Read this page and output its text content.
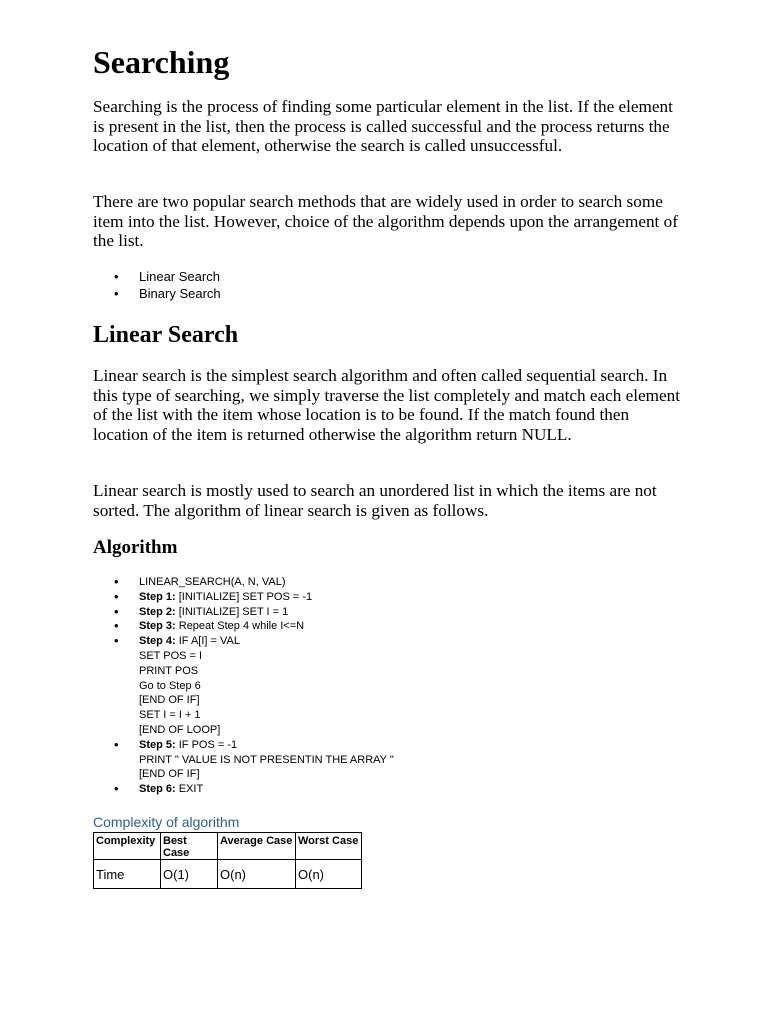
Searching

Searching is the process of finding some particular element in the list. If the element is present in the list, then the process is called successful and the process returns the location of that element, otherwise the search is called unsuccessful.

There are two popular search methods that are widely used in order to search some item into the list. However, choice of the algorithm depends upon the arrangement of the list.

• Linear Search
• Binary Search
Linear Search

Linear search is the simplest search algorithm and often called sequential search. In this type of searching, we simply traverse the list completely and match each element of the list with the item whose location is to be found. If the match found then location of the item is returned otherwise the algorithm return NULL.

Linear search is mostly used to search an unordered list in which the items are not sorted. The algorithm of linear search is given as follows.

Algorithm
• LINEAR_SEARCH(A, N, VAL)
• Step 1: [INITIALIZE] SET POS = -1
• Step 2: [INITIALIZE] SET I = 1
• Step 3: Repeat Step 4 while I<=N
• Step 4: IF A[I] = VAL
SET POS = I
PRINT POS
Go to Step 6
[END OF IF]
SET I = I + 1
[END OF LOOP]
• Step 5: IF POS = -1
PRINT " VALUE IS NOT PRESENTIN THE ARRAY "
[END OF IF]
• Step 6: EXIT
Complexity of algorithm
Complexity	Best Case	Average Case	Worst Case
Time	O(1)	O(n)	O(n)
